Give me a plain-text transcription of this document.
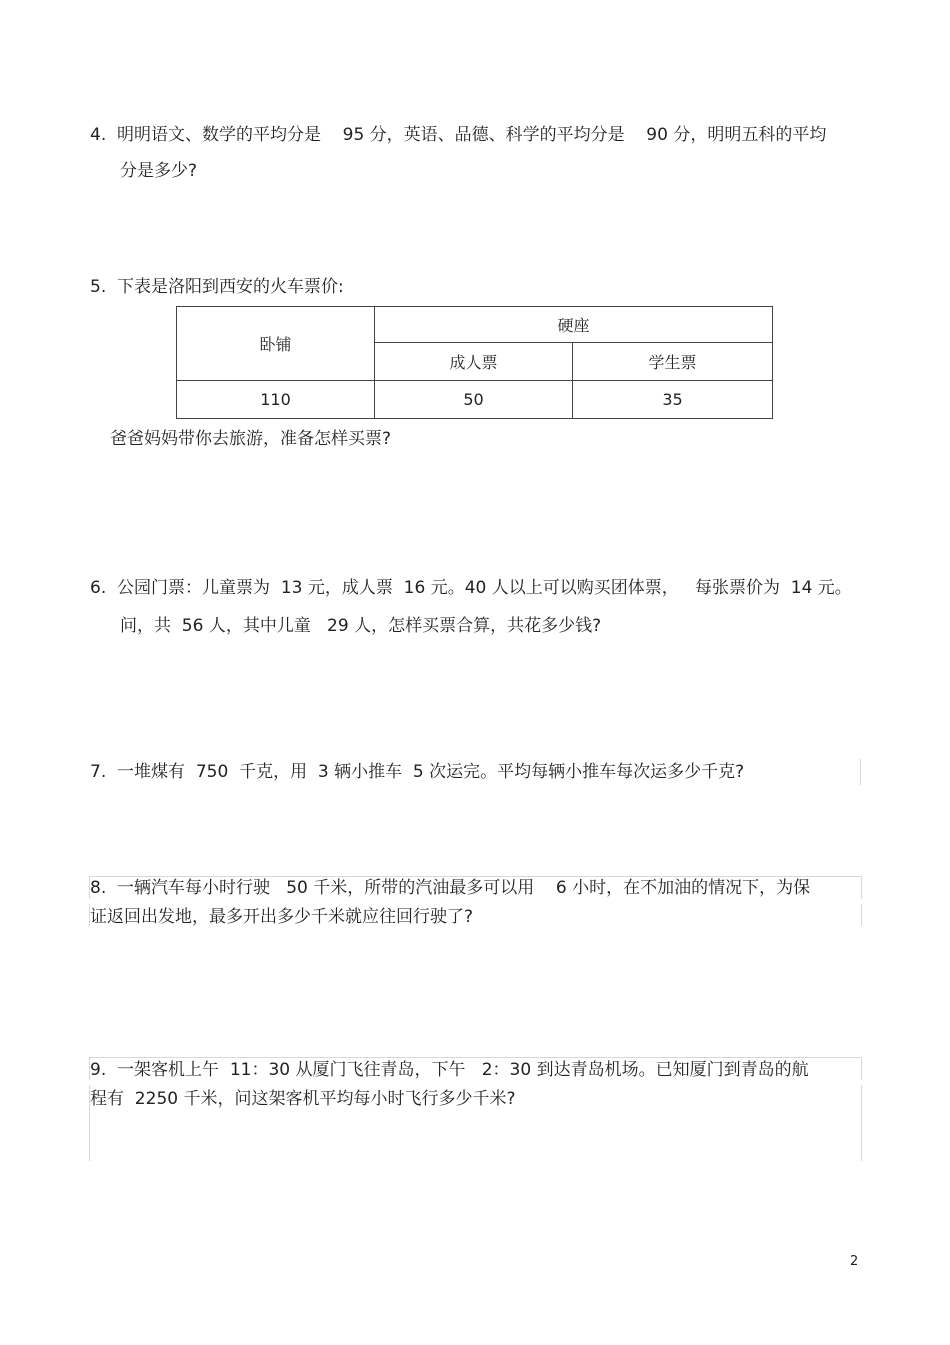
4.  明明语文、数学的平均分是    95 分，英语、品德、科学的平均分是    90 分，明明五科的平均
分是多少?
5.  下表是洛阳到西安的火车票价:
卧铺	硬座	
	成人票	学生票
110	50	35
爸爸妈妈带你去旅游，准备怎样买票?
6.  公园门票：儿童票为  13 元，成人票  16 元。40 人以上可以购买团体票，   每张票价为  14 元。
问，共  56 人，其中儿童   29 人，怎样买票合算，共花多少钱?
7.  一堆煤有  750  千克，用  3 辆小推车  5 次运完。平均每辆小推车每次运多少千克?
8.  一辆汽车每小时行驶   50 千米，所带的汽油最多可以用    6 小时，在不加油的情况下，为保
证返回出发地，最多开出多少千米就应往回行驶了?
9.  一架客机上午  11：30 从厦门飞往青岛，下午   2：30 到达青岛机场。已知厦门到青岛的航
程有  2250 千米，问这架客机平均每小时飞行多少千米?
2
